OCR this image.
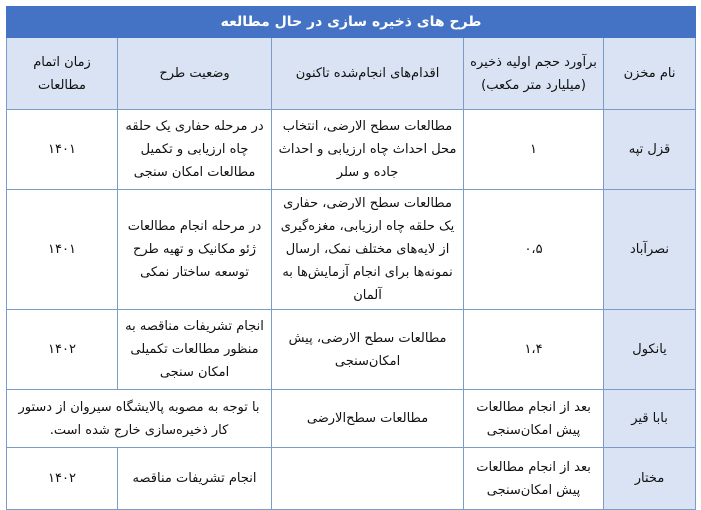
طرح های ذخیره سازی در حال مطالعه				
نام مخزن	برآورد حجم اولیه ذخیره (میلیارد متر مکعب)	اقدام‌های انجام‌شده تاکنون	وضعیت طرح	زمان اتمام مطالعات
قزل تپه	۱	مطالعات سطح الارضی، انتخاب محل احداث چاه ارزیابی و احداث جاده و سلر	در مرحله حفاری یک حلقه چاه ارزیابی و تکمیل مطالعات امکان سنجی	۱۴۰۱
نصرآباد	۰،۵	مطالعات سطح الارضی، حفاری یک حلقه چاه ارزیابی، مغزه‌گیری از لایه‌های مختلف نمک، ارسال نمونه‌ها برای انجام آزمایش‌ها به آلمان	در مرحله انجام مطالعات ژئو مکانیک و تهیه طرح توسعه ساختار نمکی	۱۴۰۱
یانکول	۱،۴	مطالعات سطح الارضی، پیش امکان‌سنجی	انجام تشریفات مناقصه به منظور مطالعات تکمیلی امکان سنجی	۱۴۰۲
بابا قیر	بعد از انجام مطالعات پیش امکان‌سنجی	مطالعات سطح‌الارضی	با توجه به مصوبه پالایشگاه سیروان از دستور کار ذخیره‌سازی خارج شده است.	
مختار	بعد از انجام مطالعات پیش امکان‌سنجی		انجام تشریفات مناقصه	۱۴۰۲
